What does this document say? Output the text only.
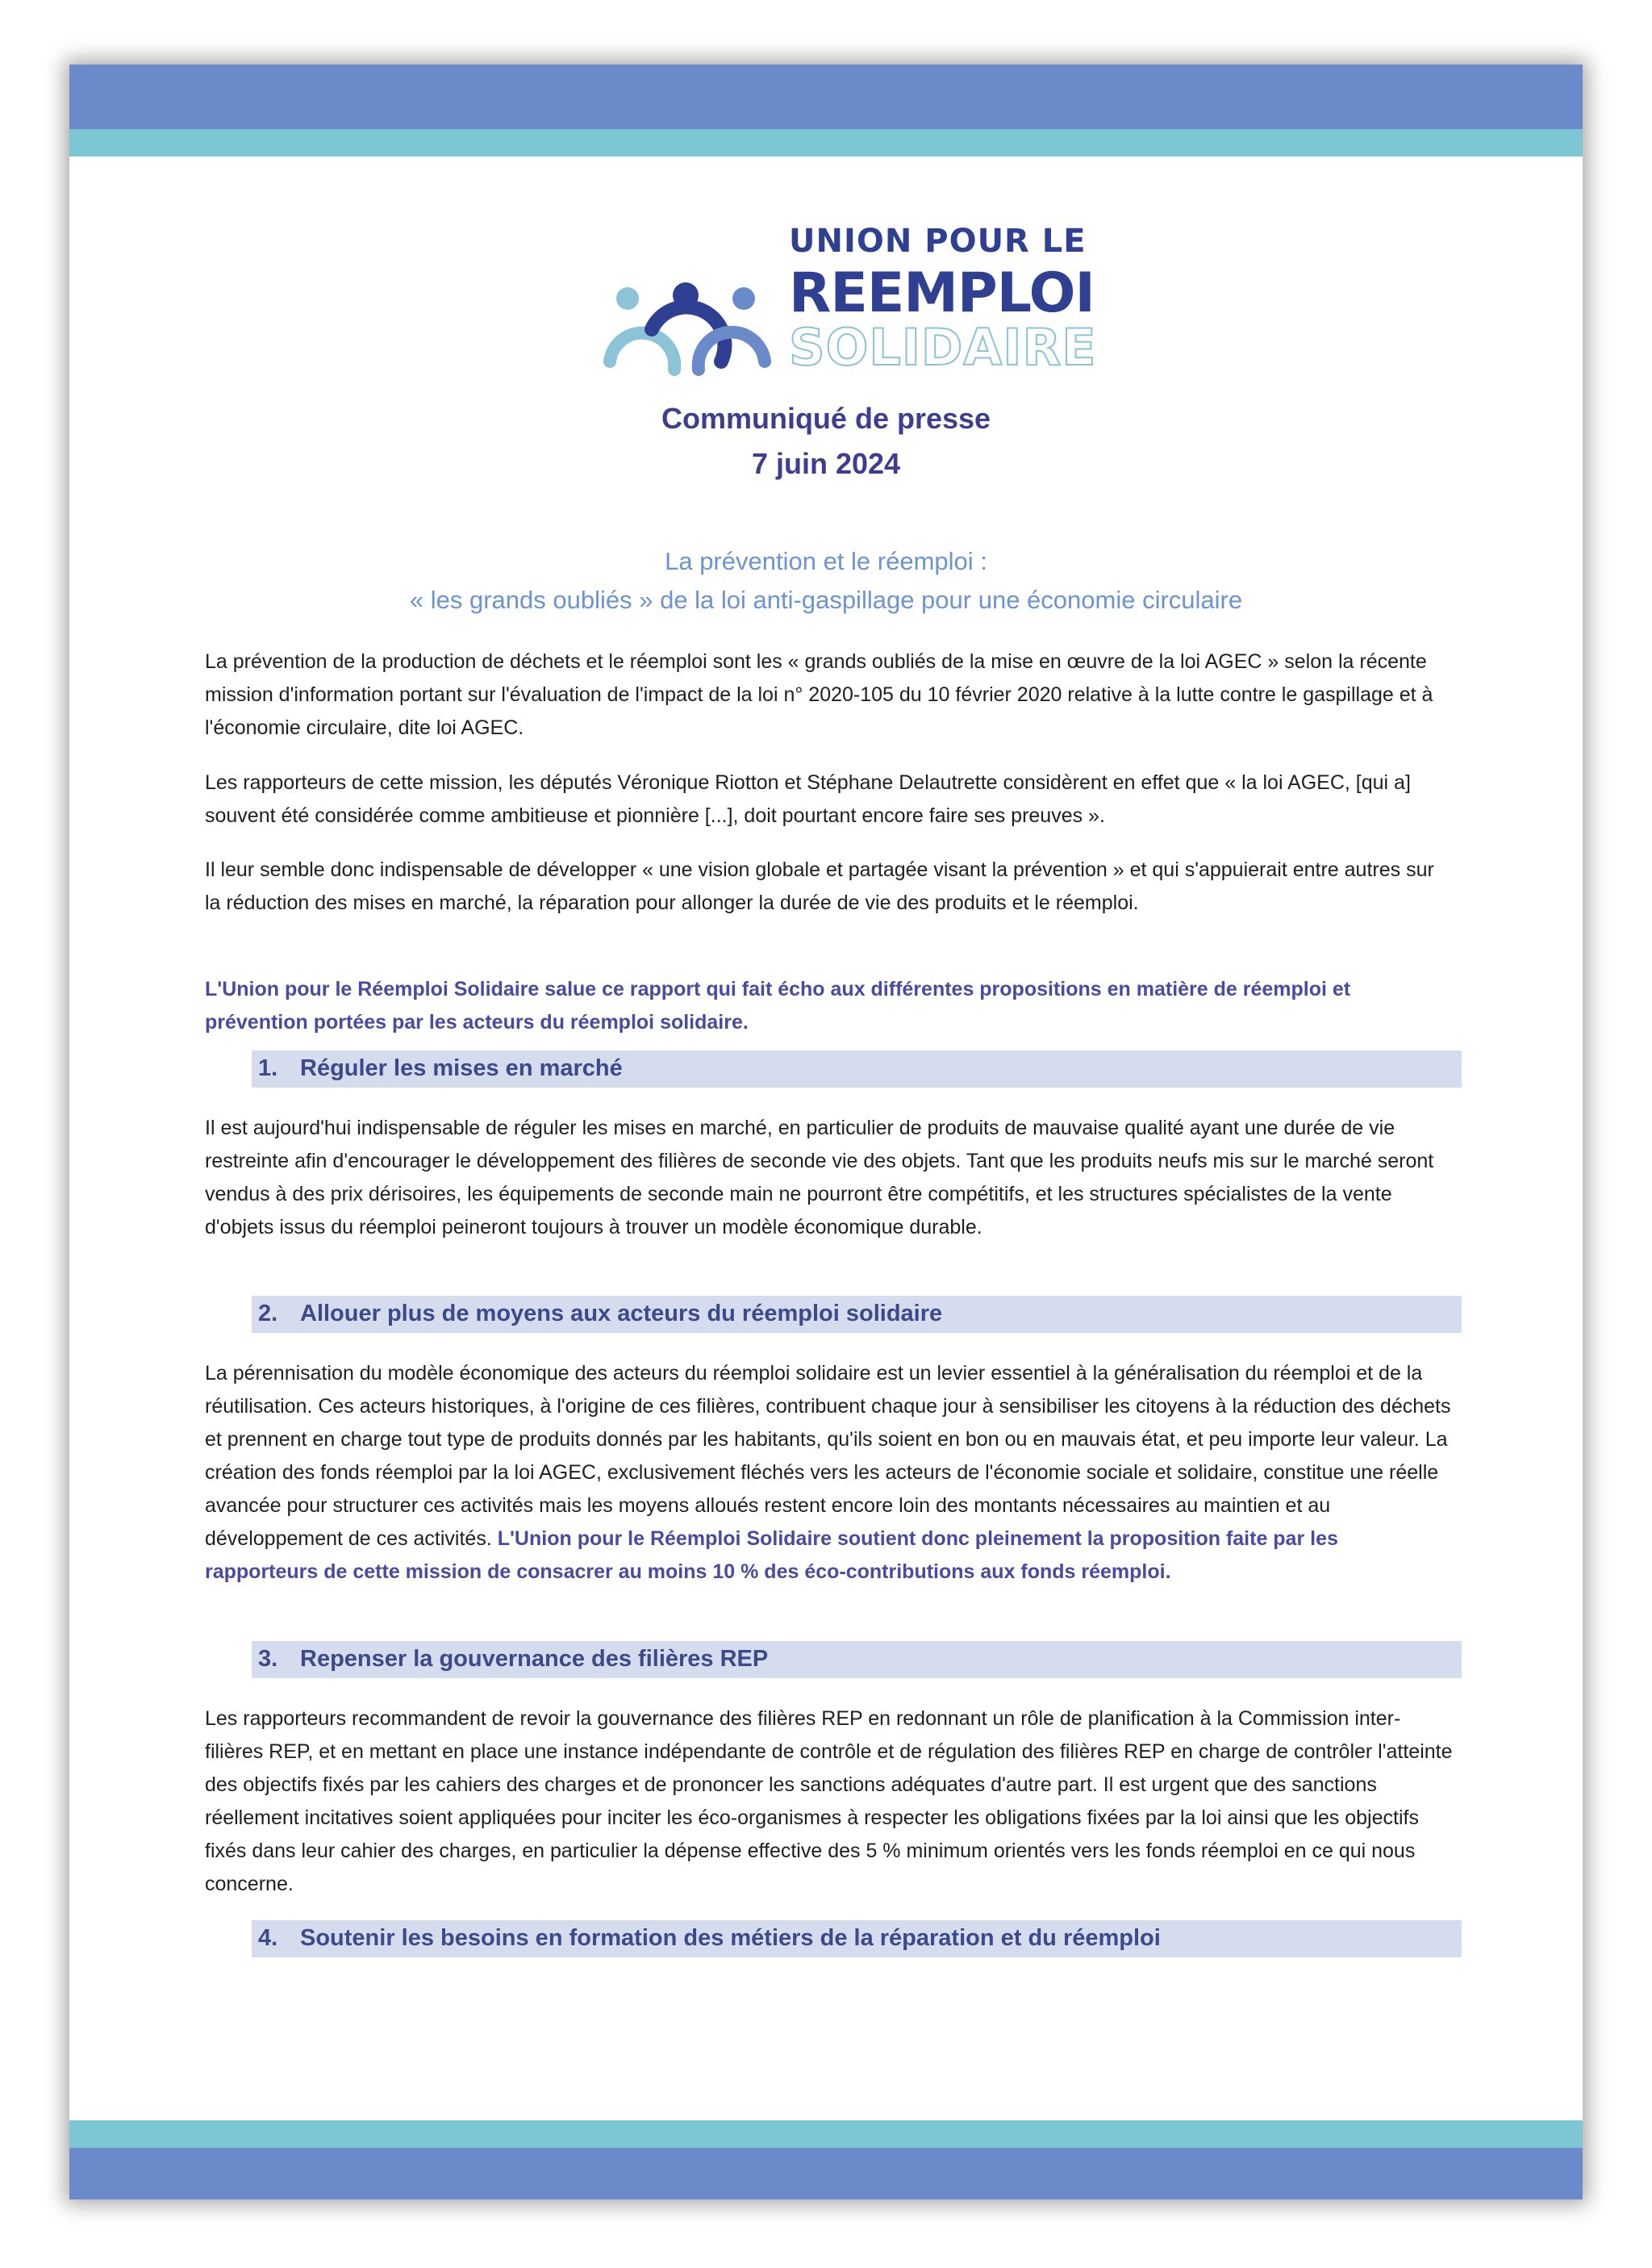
UNION POUR LE
REEMPLOI
SOLIDAIRE
Communiqué de presse
7 juin 2024
La prévention et le réemploi :
« les grands oubliés » de la loi anti-gaspillage pour une économie circulaire

La prévention de la production de déchets et le réemploi sont les « grands oubliés de la mise en œuvre de la loi AGEC » selon la récente mission d'information portant sur l'évaluation de l'impact de la loi n° 2020-105 du 10 février 2020 relative à la lutte contre le gaspillage et à l'économie circulaire, dite loi AGEC.

Les rapporteurs de cette mission, les députés Véronique Riotton et Stéphane Delautrette considèrent en effet que « la loi AGEC, [qui a] souvent été considérée comme ambitieuse et pionnière [...], doit pourtant encore faire ses preuves ».

Il leur semble donc indispensable de développer « une vision globale et partagée visant la prévention » et qui s'appuierait entre autres sur la réduction des mises en marché, la réparation pour allonger la durée de vie des produits et le réemploi.

L'Union pour le Réemploi Solidaire salue ce rapport qui fait écho aux différentes propositions en matière de réemploi et prévention portées par les acteurs du réemploi solidaire.

1. Réguler les mises en marché

Il est aujourd'hui indispensable de réguler les mises en marché, en particulier de produits de mauvaise qualité ayant une durée de vie restreinte afin d'encourager le développement des filières de seconde vie des objets. Tant que les produits neufs mis sur le marché seront vendus à des prix dérisoires, les équipements de seconde main ne pourront être compétitifs, et les structures spécialistes de la vente d'objets issus du réemploi peineront toujours à trouver un modèle économique durable.

2. Allouer plus de moyens aux acteurs du réemploi solidaire

La pérennisation du modèle économique des acteurs du réemploi solidaire est un levier essentiel à la généralisation du réemploi et de la réutilisation. Ces acteurs historiques, à l'origine de ces filières, contribuent chaque jour à sensibiliser les citoyens à la réduction des déchets et prennent en charge tout type de produits donnés par les habitants, qu'ils soient en bon ou en mauvais état, et peu importe leur valeur. La création des fonds réemploi par la loi AGEC, exclusivement fléchés vers les acteurs de l'économie sociale et solidaire, constitue une réelle avancée pour structurer ces activités mais les moyens alloués restent encore loin des montants nécessaires au maintien et au développement de ces activités. L'Union pour le Réemploi Solidaire soutient donc pleinement la proposition faite par les rapporteurs de cette mission de consacrer au moins 10 % des éco-contributions aux fonds réemploi.

3. Repenser la gouvernance des filières REP

Les rapporteurs recommandent de revoir la gouvernance des filières REP en redonnant un rôle de planification à la Commission inter-filières REP, et en mettant en place une instance indépendante de contrôle et de régulation des filières REP en charge de contrôler l'atteinte des objectifs fixés par les cahiers des charges et de prononcer les sanctions adéquates d'autre part. Il est urgent que des sanctions réellement incitatives soient appliquées pour inciter les éco-organismes à respecter les obligations fixées par la loi ainsi que les objectifs fixés dans leur cahier des charges, en particulier la dépense effective des 5 % minimum orientés vers les fonds réemploi en ce qui nous concerne.

4. Soutenir les besoins en formation des métiers de la réparation et du réemploi
